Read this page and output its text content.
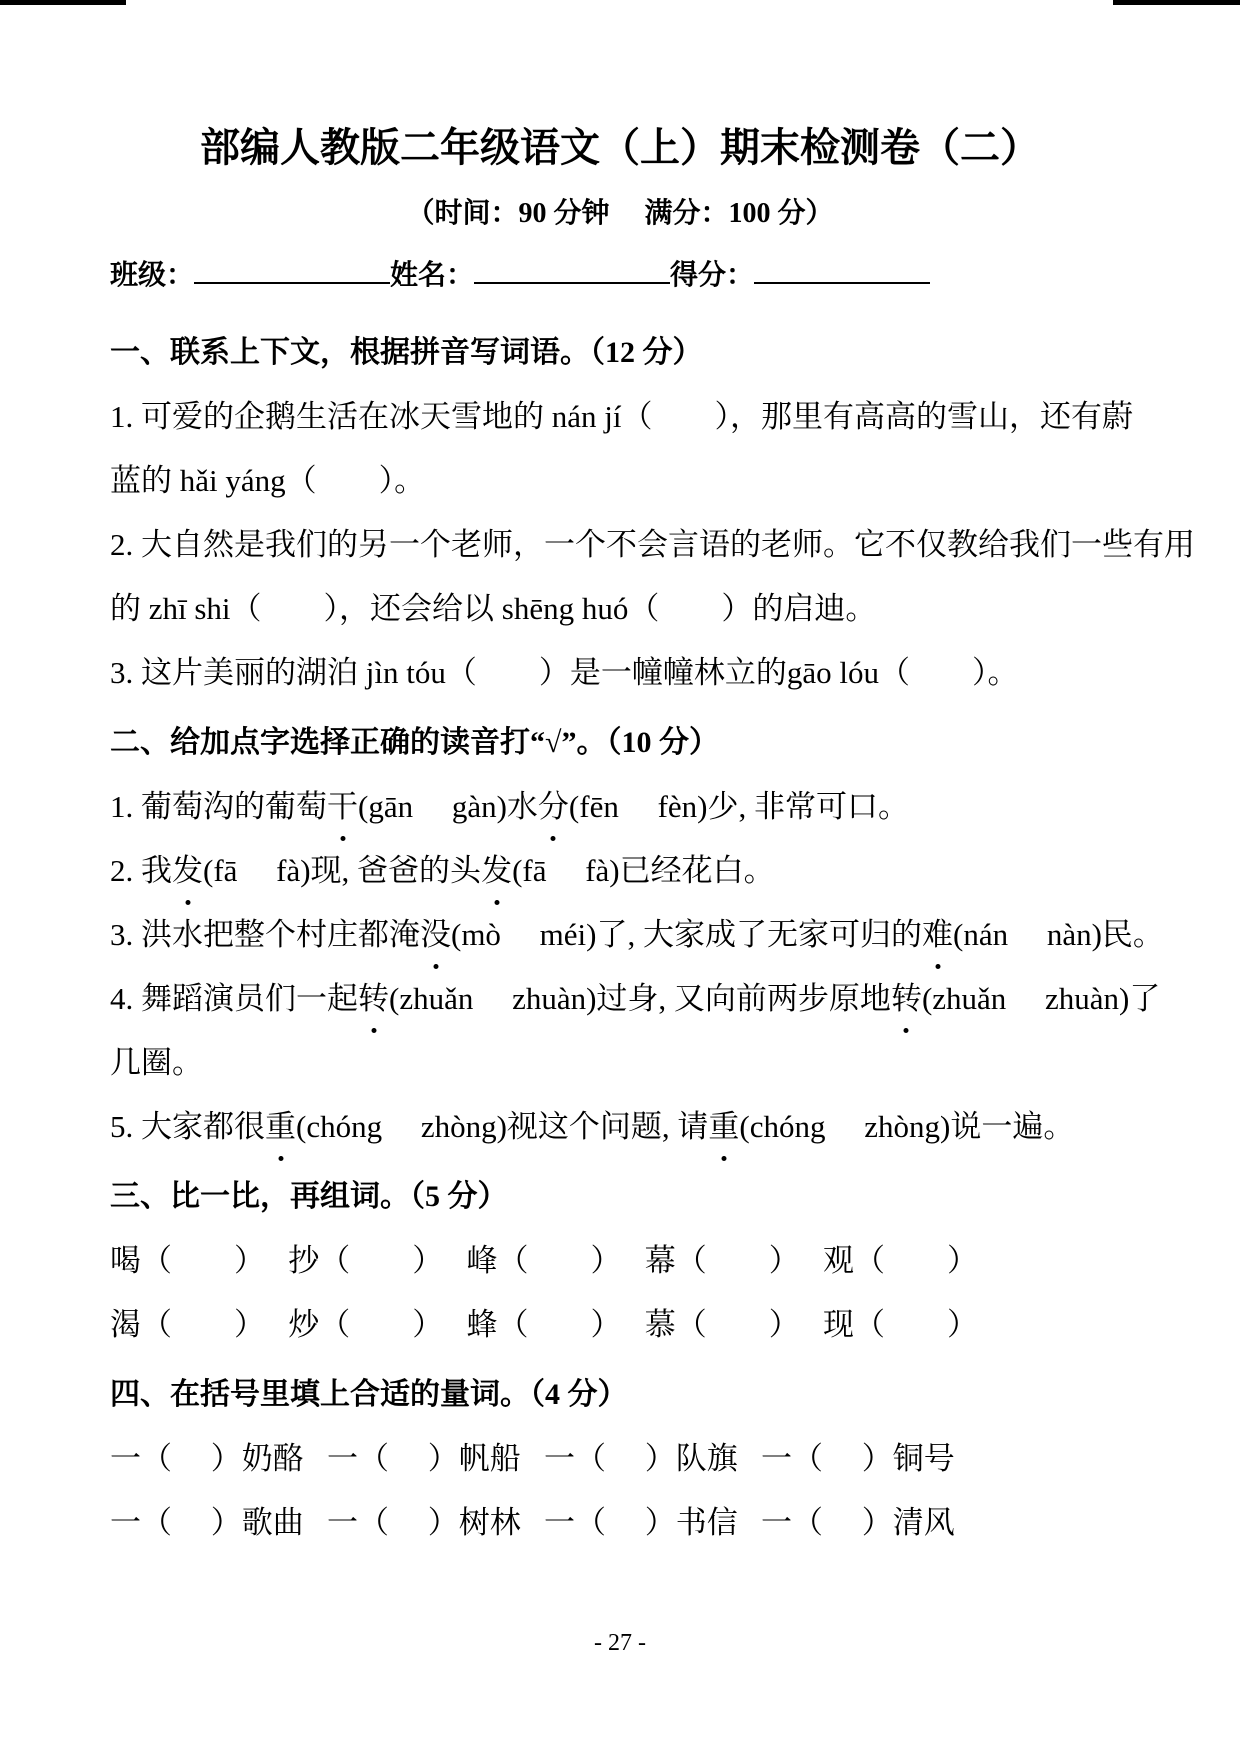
部编人教版二年级语文（上）期末检测卷（二）
（时间：90 分钟　 满分：100 分）
班级：	姓名：	得分：
一、联系上下文，根据拼音写词语。（12 分）
1. 可爱的企鹅生活在冰天雪地的 nán jí（　　），那里有高高的雪山，还有蔚
蓝的 hǎi yáng（　　）。
2. 大自然是我们的另一个老师，一个不会言语的老师。它不仅教给我们一些有用
的 zhī shi（　　），还会给以 shēng huó（　　）的启迪。
3. 这片美丽的湖泊 jìn tóu（　　）是一幢幢林立的gāo lóu（　　）。
二、给加点字选择正确的读音打“√”。（10 分）
1. 葡萄沟的葡萄干(gān     gàn)水分(fēn     fèn)少, 非常可口。
2. 我发(fā     fà)现, 爸爸的头发(fā     fà)已经花白。
3. 洪水把整个村庄都淹没(mò     méi)了, 大家成了无家可归的难(nán     nàn)民。
4. 舞蹈演员们一起转(zhuǎn     zhuàn)过身, 又向前两步原地转(zhuǎn     zhuàn)了
几圈。
5. 大家都很重(chóng     zhòng)视这个问题, 请重(chóng     zhòng)说一遍。
三、比一比，再组词。（5 分）
喝（　　）　 抄（　　）　 峰（　　）　 幕（　　）　 观（　　）
渴（　　）　 炒（　　）　 蜂（　　）　 慕（　　）　 现（　　）
四、在括号里填上合适的量词。（4 分）
一（　 ）奶酪   一（　 ）帆船   一（　 ）队旗   一（　 ）铜号
一（　 ）歌曲   一（　 ）树林   一（　 ）书信   一（　 ）清风
- 27 -
